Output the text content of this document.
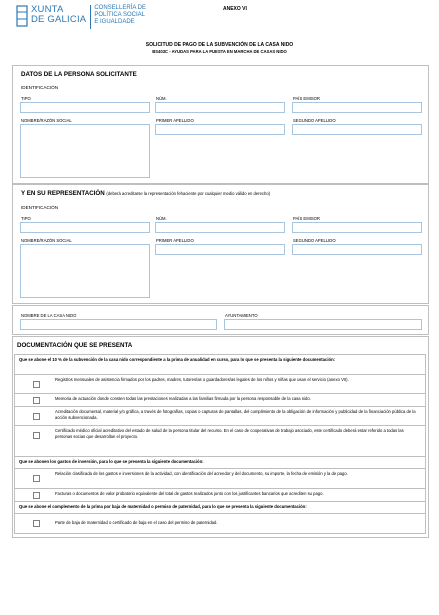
XUNTA
DE GALICIA
CONSELLERÍA DE
POLÍTICA SOCIAL
E IGUALDADE
ANEXO VI
SOLICITUD DE PAGO DE LA SUBVENCIÓN DE LA CASA NIDO
BS403C - AYUDAS PARA LA PUESTA EN MARCHA DE CASAS NIDO
DATOS DE LA PERSONA SOLICITANTE
IDENTIFICACIÓN
TIPO	NÚM.	PAÍS EMISOR
NOMBRE/RAZÓN SOCIAL	PRIMER APELLIDO	SEGUNDO APELLIDO
Y EN SU REPRESENTACIÓN (deberá acreditarse la representación fehaciente por cualquier medio válido en derecho)
IDENTIFICACIÓN
TIPO	NÚM.	PAÍS EMISOR
NOMBRE/RAZÓN SOCIAL	PRIMER APELLIDO	SEGUNDO APELLIDO
NOMBRE DE LA CASA NIDO	AYUNTAMIENTO
DOCUMENTACIÓN QUE SE PRESENTA
Que se abone el 10 % de la subvención de la casa nido correspondiente a la prima de anualidad en curso, para lo que se presenta la siguiente documentación:
Registros mensuales de asistencia firmados por los padres, madres, tutores/as o guardadores/as legales de los niños y niñas que usan el servicio (anexo VII).
Memoria de actuación donde consten todas las prestaciones realizadas a las familias firmada por la persona responsable de la casa nido.
Acreditación documental, material y/o gráfica, a través de fotografías, copias o capturas de pantallas, del cumplimiento de la obligación de información y publicidad de la financiación pública de la acción subvencionada.
Certificado médico oficial acreditativo del estado de salud de la persona titular del recurso. En el caso de cooperativas de trabajo asociado, este certificado deberá estar referido a todas las personas socias que desarrollan el proyecto.
Que se abonen los gastos de inversión, para lo que se presenta la siguiente documentación:
Relación clasificada de los gastos e inversiones de la actividad, con identificación del acreedor y del documento, su importe, la fecha de emisión y la de pago.
Facturas o documentos de valor probatorio equivalente del total de gastos realizados junto con los justificantes bancarios que acrediten su pago.
Que se abone el complemento de la prima por baja de maternidad o permiso de paternidad, para lo que se presenta la siguiente documentación:
Parte de baja de maternidad o certificado de baja en el caso del permiso de paternidad.
